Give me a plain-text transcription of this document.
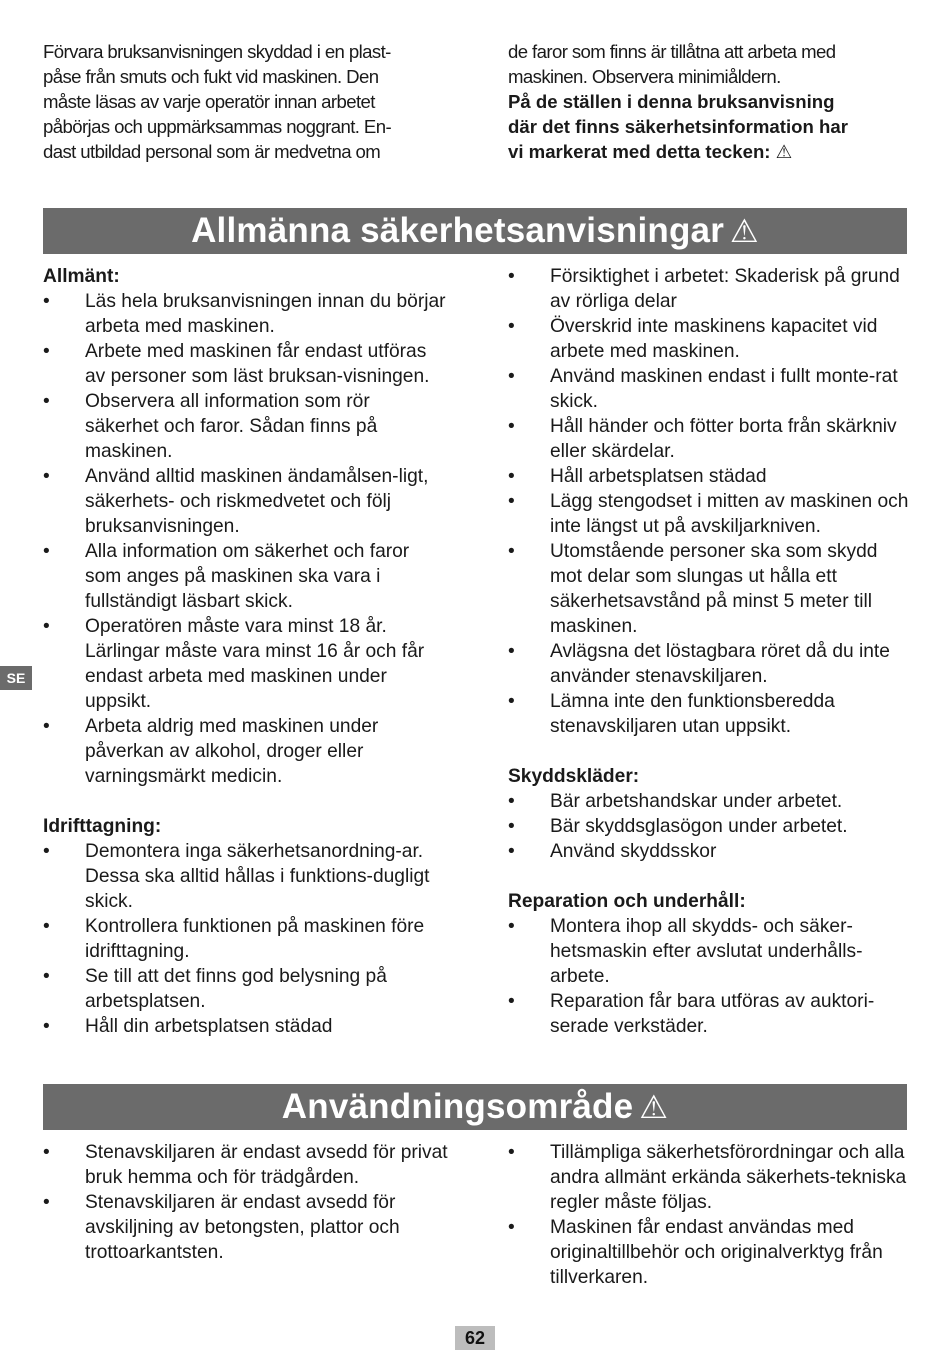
Förvara bruksanvisningen skyddad i en plast-

påse från smuts och fukt vid maskinen. Den

måste läsas av varje operatör innan arbetet

påbörjas och uppmärksammas noggrant. En-

dast utbildad personal som är medvetna om

de faror som finns är tillåtna att arbeta med

maskinen. Observera minimiåldern.

På de ställen i denna bruksanvisning

där det finns säkerhetsinformation har

vi markerat med detta tecken: ⚠

Allmänna säkerhetsanvisningar ⚠

Allmänt:

• Läs hela bruksanvisningen innan du börjar arbeta med maskinen.
• Arbete med maskinen får endast utföras av personer som läst bruksan-visningen.
• Observera all information som rör säkerhet och faror. Sådan finns på maskinen.
• Använd alltid maskinen ändamålsen-ligt, säkerhets- och riskmedvetet och följ bruksanvisningen.
• Alla information om säkerhet och faror som anges på maskinen ska vara i fullständigt läsbart skick.
• Operatören måste vara minst 18 år. Lärlingar måste vara minst 16 år och får endast arbeta med maskinen under uppsikt.
• Arbeta aldrig med maskinen under påverkan av alkohol, droger eller varningsmärkt medicin.

Idrifttagning:

• Demontera inga säkerhetsanordning-ar. Dessa ska alltid hållas i funktions-dugligt skick.
• Kontrollera funktionen på maskinen före idrifttagning.
• Se till att det finns god belysning på arbetsplatsen.
• Håll din arbetsplatsen städad
• Försiktighet i arbetet: Skaderisk på grund av rörliga delar
• Överskrid inte maskinens kapacitet vid arbete med maskinen.
• Använd maskinen endast i fullt monte-rat skick.
• Håll händer och fötter borta från skärkniv eller skärdelar.
• Håll arbetsplatsen städad
• Lägg stengodset i mitten av maskinen och inte längst ut på avskiljarkniven.
• Utomstående personer ska som skydd mot delar som slungas ut hålla ett säkerhetsavstånd på minst 5 meter till maskinen.
• Avlägsna det löstagbara röret då du inte använder stenavskiljaren.
• Lämna inte den funktionsberedda stenavskiljaren utan uppsikt.

Skyddskläder:

• Bär arbetshandskar under arbetet.
• Bär skyddsglasögon under arbetet.
• Använd skyddsskor

Reparation och underhåll:

• Montera ihop all skydds- och säker-hetsmaskin efter avslutat underhålls-arbete.
• Reparation får bara utföras av auktori-serade verkstäder.
SE
Användningsområde ⚠
• Stenavskiljaren är endast avsedd för privat bruk hemma och för trädgården.
• Stenavskiljaren är endast avsedd för avskiljning av betongsten, plattor och trottoarkantsten.
• Tillämpliga säkerhetsförordningar och alla andra allmänt erkända säkerhets-tekniska regler måste följas.
• Maskinen får endast användas med originaltillbehör och originalverktyg från tillverkaren.
62
